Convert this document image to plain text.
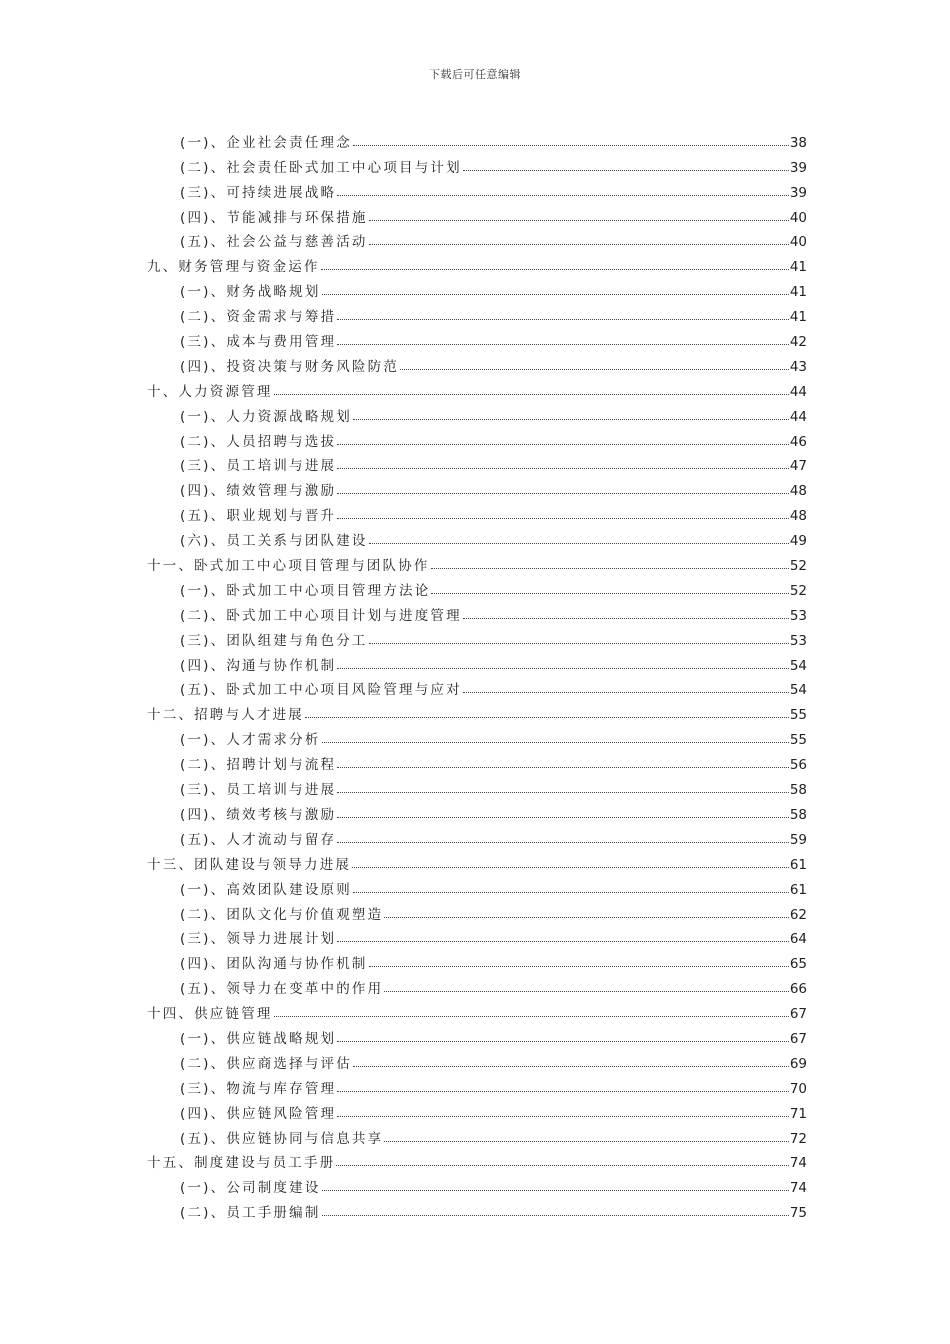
下载后可任意编辑
(一)、企业社会责任理念	38
(二)、社会责任卧式加工中心项目与计划	39
(三)、可持续进展战略	39
(四)、节能减排与环保措施	40
(五)、社会公益与慈善活动	40
九、财务管理与资金运作	41
(一)、财务战略规划	41
(二)、资金需求与筹措	41
(三)、成本与费用管理	42
(四)、投资决策与财务风险防范	43
十、人力资源管理	44
(一)、人力资源战略规划	44
(二)、人员招聘与选拔	46
(三)、员工培训与进展	47
(四)、绩效管理与激励	48
(五)、职业规划与晋升	48
(六)、员工关系与团队建设	49
十一、卧式加工中心项目管理与团队协作	52
(一)、卧式加工中心项目管理方法论	52
(二)、卧式加工中心项目计划与进度管理	53
(三)、团队组建与角色分工	53
(四)、沟通与协作机制	54
(五)、卧式加工中心项目风险管理与应对	54
十二、招聘与人才进展	55
(一)、人才需求分析	55
(二)、招聘计划与流程	56
(三)、员工培训与进展	58
(四)、绩效考核与激励	58
(五)、人才流动与留存	59
十三、团队建设与领导力进展	61
(一)、高效团队建设原则	61
(二)、团队文化与价值观塑造	62
(三)、领导力进展计划	64
(四)、团队沟通与协作机制	65
(五)、领导力在变革中的作用	66
十四、供应链管理	67
(一)、供应链战略规划	67
(二)、供应商选择与评估	69
(三)、物流与库存管理	70
(四)、供应链风险管理	71
(五)、供应链协同与信息共享	72
十五、制度建设与员工手册	74
(一)、公司制度建设	74
(二)、员工手册编制	75
